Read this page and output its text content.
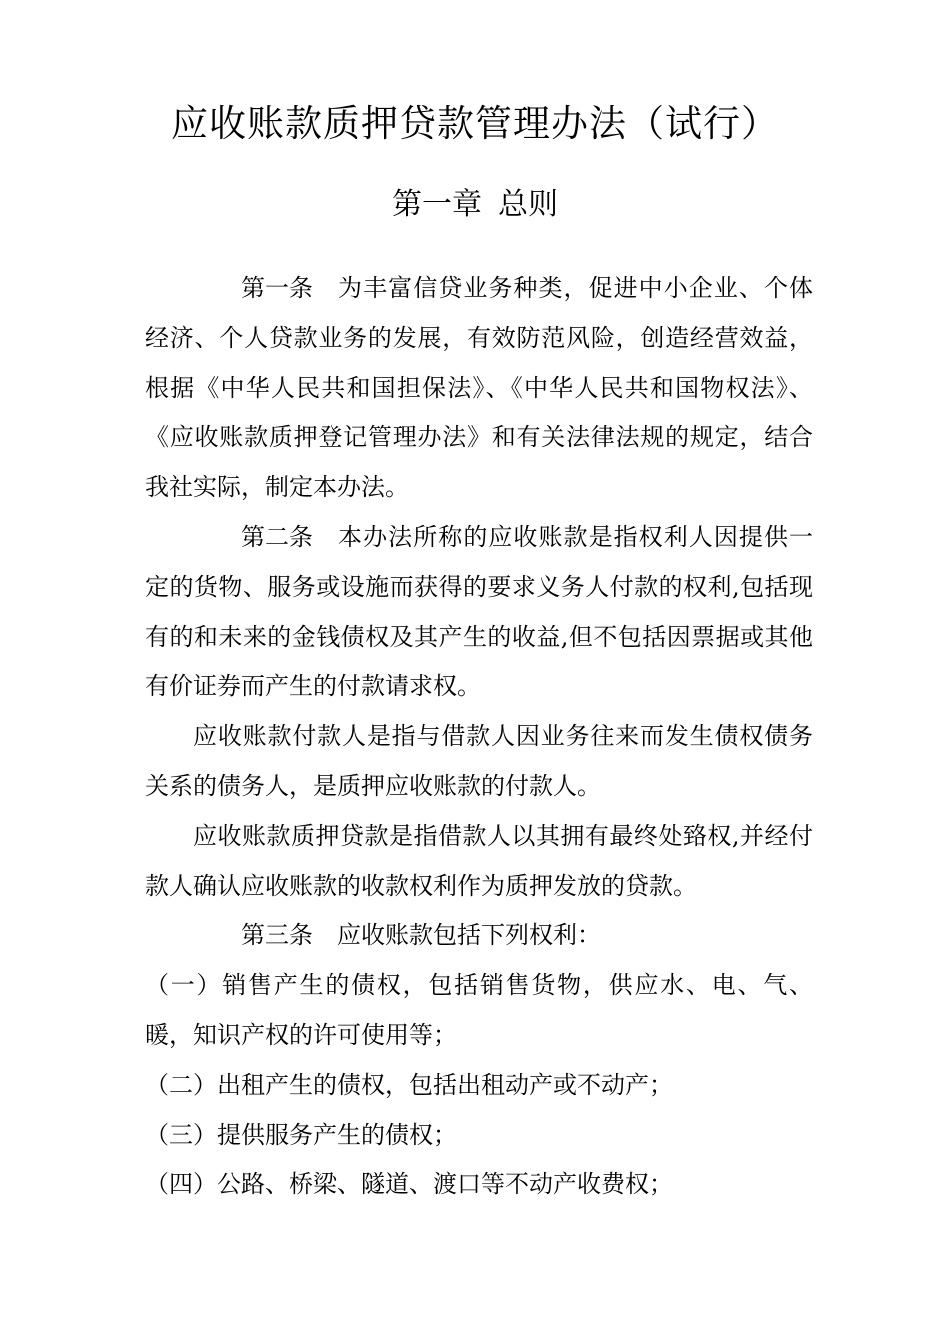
应收账款质押贷款管理办法（试行）
第一章 总则

第一条 为丰富信贷业务种类，促进中小企业、个体经济、个人贷款业务的发展，有效防范风险，创造经营效益，根据《中华人民共和国担保法》、《中华人民共和国物权法》、《应收账款质押登记管理办法》和有关法律法规的规定，结合我社实际，制定本办法。

第二条 本办法所称的应收账款是指权利人因提供一定的货物、服务或设施而获得的要求义务人付款的权利,包括现有的和未来的金钱债权及其产生的收益,但不包括因票据或其他有价证券而产生的付款请求权。

应收账款付款人是指与借款人因业务往来而发生债权债务关系的债务人，是质押应收账款的付款人。

应收账款质押贷款是指借款人以其拥有最终处臵权,并经付款人确认应收账款的收款权利作为质押发放的贷款。

第三条 应收账款包括下列权利：

（一）销售产生的债权，包括销售货物，供应水、电、气、暖，知识产权的许可使用等；

（二）出租产生的债权，包括出租动产或不动产；

（三）提供服务产生的债权；

（四）公路、桥梁、隧道、渡口等不动产收费权；
